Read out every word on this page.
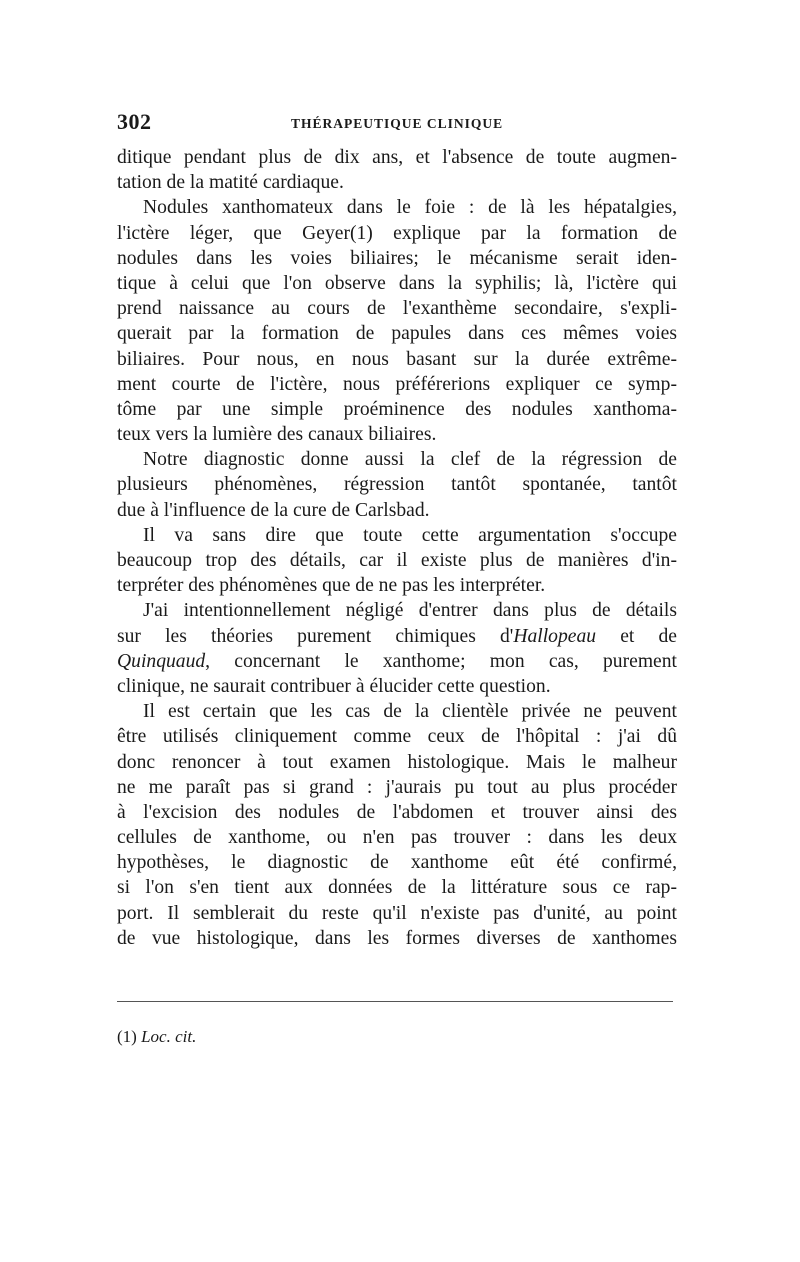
302	THÉRAPEUTIQUE CLINIQUE
ditique pendant plus de dix ans, et l'absence de toute augmen-
tation de la matité cardiaque.
Nodules xanthomateux dans le foie : de là les hépatalgies,
l'ictère léger, que Geyer(1) explique par la formation de
nodules dans les voies biliaires; le mécanisme serait iden-
tique à celui que l'on observe dans la syphilis; là, l'ictère qui
prend naissance au cours de l'exanthème secondaire, s'expli-
querait par la formation de papules dans ces mêmes voies
biliaires. Pour nous, en nous basant sur la durée extrême-
ment courte de l'ictère, nous préférerions expliquer ce symp-
tôme par une simple proéminence des nodules xanthoma-
teux vers la lumière des canaux biliaires.
Notre diagnostic donne aussi la clef de la régression de
plusieurs phénomènes, régression tantôt spontanée, tantôt
due à l'influence de la cure de Carlsbad.
Il va sans dire que toute cette argumentation s'occupe
beaucoup trop des détails, car il existe plus de manières d'in-
terpréter des phénomènes que de ne pas les interpréter.
J'ai intentionnellement négligé d'entrer dans plus de détails
sur les théories purement chimiques d'Hallopeau et de
Quinquaud, concernant le xanthome; mon cas, purement
clinique, ne saurait contribuer à élucider cette question.
Il est certain que les cas de la clientèle privée ne peuvent
être utilisés cliniquement comme ceux de l'hôpital : j'ai dû
donc renoncer à tout examen histologique. Mais le malheur
ne me paraît pas si grand : j'aurais pu tout au plus procéder
à l'excision des nodules de l'abdomen et trouver ainsi des
cellules de xanthome, ou n'en pas trouver : dans les deux
hypothèses, le diagnostic de xanthome eût été confirmé,
si l'on s'en tient aux données de la littérature sous ce rap-
port. Il semblerait du reste qu'il n'existe pas d'unité, au point
de vue histologique, dans les formes diverses de xanthomes
(1) Loc. cit.
